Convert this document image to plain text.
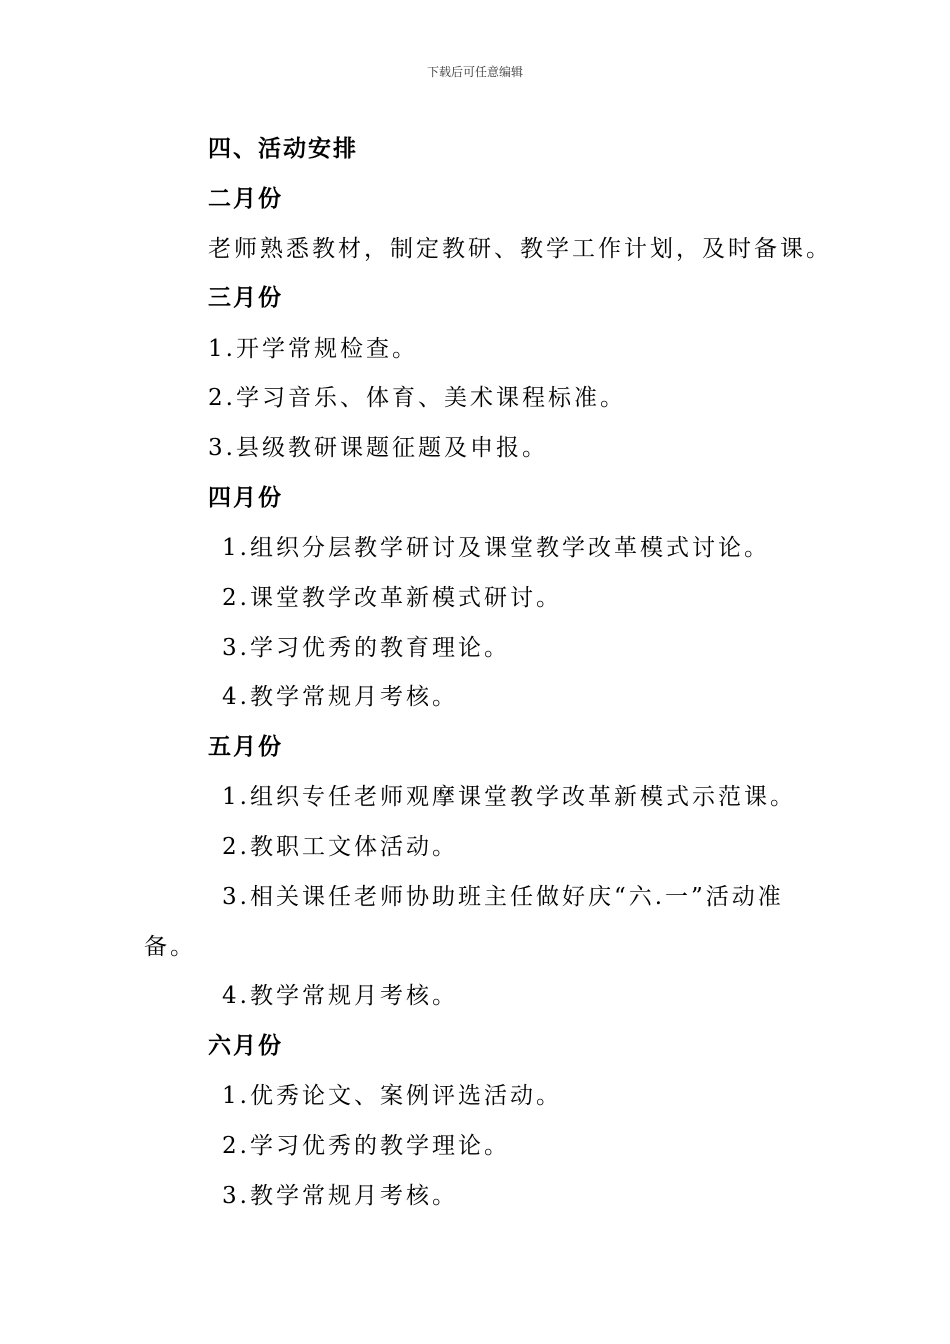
下载后可任意编辑
四、活动安排
二月份
老师熟悉教材，制定教研、教学工作计划，及时备课。
三月份
1.开学常规检查。
2.学习音乐、体育、美术课程标准。
3.县级教研课题征题及申报。
四月份
1.组织分层教学研讨及课堂教学改革模式讨论。
2.课堂教学改革新模式研讨。
3.学习优秀的教育理论。
4.教学常规月考核。
五月份
1.组织专任老师观摩课堂教学改革新模式示范课。
2.教职工文体活动。
3.相关课任老师协助班主任做好庆“六.一”活动准
备。
4.教学常规月考核。
六月份
1.优秀论文、案例评选活动。
2.学习优秀的教学理论。
3.教学常规月考核。
